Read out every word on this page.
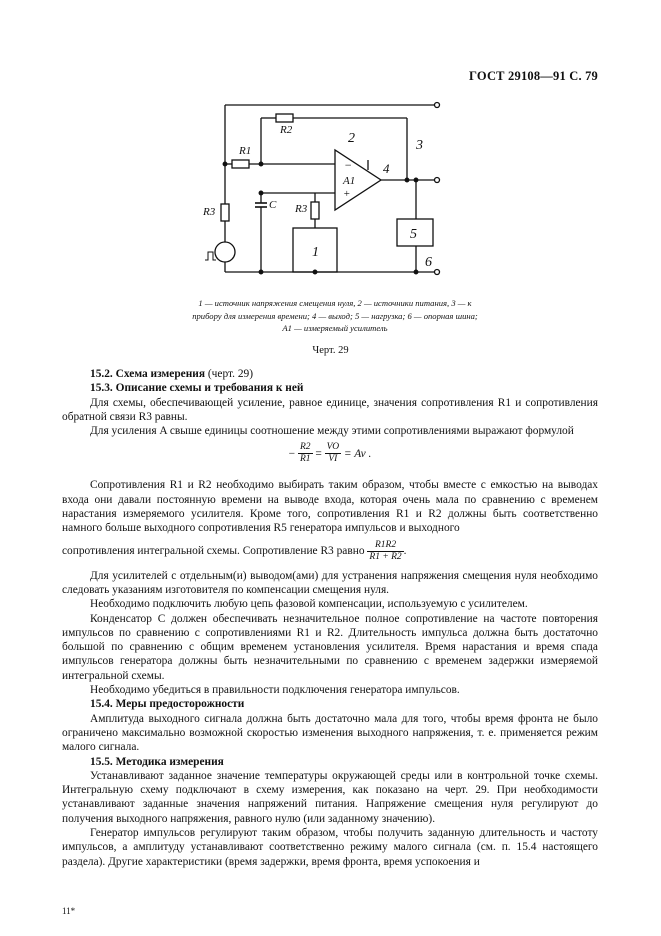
ГОСТ 29108—91 С. 79
R1
R2
R3	R3
C
A1
−
+
1
2	3
4
5
6
1 — источник напряжения смещения нуля, 2 — источники питания, 3 — к прибору для измерения времени; 4 — выход; 5 — нагрузка; 6 — опорная шина; A1 — измеряемый усилитель
Черт. 29

15.2. Схема измерения (черт. 29)

15.3. Описание схемы и требования к ней

Для схемы, обеспечивающей усиление, равное единице, значения сопротивления R1 и сопротивления обратной связи R3 равны.

Для усиления A свыше единицы соотношение между этими сопротивлениями выражают формулой

− $\frac{R2}{R1} = \frac{VO}{VI} = Av$ .

Сопротивления R1 и R2 необходимо выбирать таким образом, чтобы вместе с емкостью на выводах входа они давали постоянную времени на выводе входа, которая очень мала по сравнению с временем нарастания измеряемого усилителя. Кроме того, сопротивления R1 и R2 должны быть соответственно намного больше выходного сопротивления R5 генератора импульсов и выходного

сопротивления интегральной схемы. Сопротивление R3 равно $\frac{R1R2}{R1 + R2}$ .

Для усилителей с отдельным(и) выводом(ами) для устранения напряжения смещения нуля необходимо следовать указаниям изготовителя по компенсации смещения нуля.

Необходимо подключить любую цепь фазовой компенсации, используемую с усилителем.

Конденсатор C должен обеспечивать незначительное полное сопротивление на частоте повторения импульсов по сравнению с сопротивлениями R1 и R2. Длительность импульса должна быть достаточно большой по сравнению с общим временем установления усилителя. Время нарастания и время спада импульсов генератора должны быть незначительными по сравнению с временем задержки измеряемой интегральной схемы.

Необходимо убедиться в правильности подключения генератора импульсов.

15.4. Меры предосторожности

Амплитуда выходного сигнала должна быть достаточно мала для того, чтобы время фронта не было ограничено максимально возможной скоростью изменения выходного напряжения, т. е. применяется режим малого сигнала.

15.5. Методика измерения

Устанавливают заданное значение температуры окружающей среды или в контрольной точке схемы. Интегральную схему подключают в схему измерения, как показано на черт. 29. При необходимости устанавливают заданные значения напряжений питания. Напряжение смещения нуля регулируют до получения выходного напряжения, равного нулю (или заданному значению).

Генератор импульсов регулируют таким образом, чтобы получить заданную длительность и частоту импульсов, а амплитуду устанавливают соответственно режиму малого сигнала (см. п. 15.4 настоящего раздела). Другие характеристики (время задержки, время фронта, время успокоения и

11*
